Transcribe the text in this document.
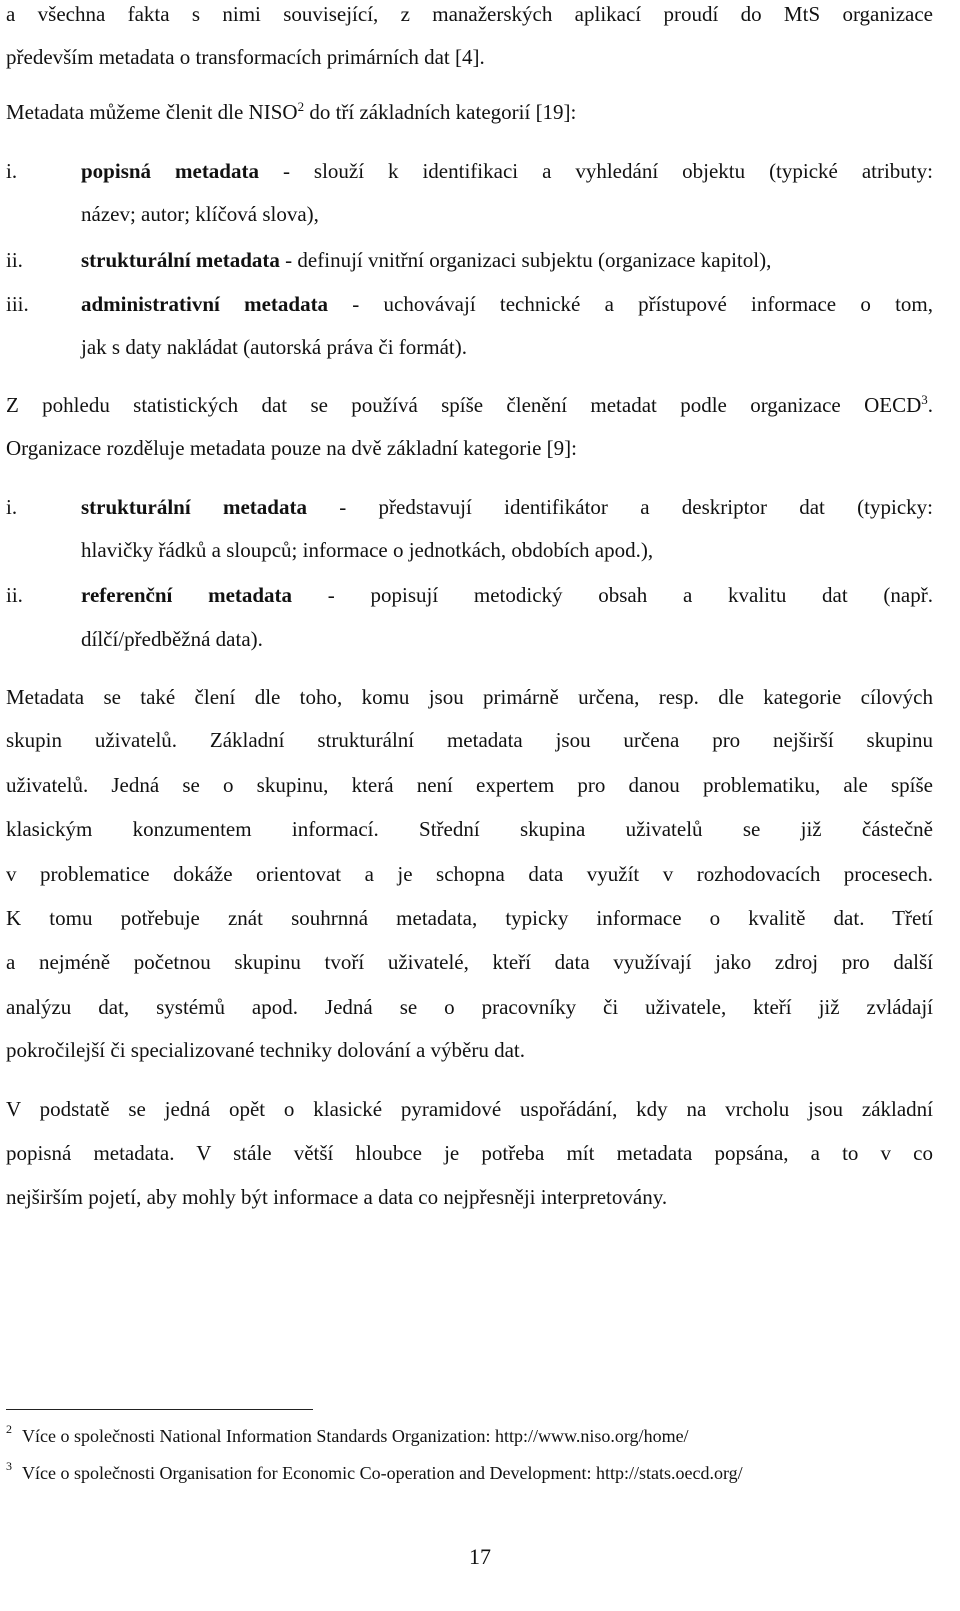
a všechna fakta s nimi související, z manažerských aplikací proudí do MtS organizace
především metadata o transformacích primárních dat [4].
Metadata můžeme členit dle NISO$^2$ do tří základních kategorií [19]:
i.	popisná metadata - slouží k identifikaci a vyhledání objektu (typické atributy:
název; autor; klíčová slova),
ii.	strukturální metadata - definují vnitřní organizaci subjektu (organizace kapitol),
iii. administrativní metadata - uchovávají technické a přístupové informace o tom,
jak s daty nakládat (autorská práva či formát).
Z pohledu statistických dat se používá spíše členění metadat podle organizace OECD$^3$.
Organizace rozděluje metadata pouze na dvě základní kategorie [9]:
i.	strukturální metadata - představují identifikátor a deskriptor dat (typicky:
hlavičky řádků a sloupců; informace o jednotkách, obdobích apod.),
ii.	referenční metadata - popisují metodický obsah a kvalitu dat (např.
dílčí/předběžná data).
Metadata se také člení dle toho, komu jsou primárně určena, resp. dle kategorie cílových
skupin uživatelů. Základní strukturální metadata jsou určena pro nejširší skupinu
uživatelů. Jedná se o skupinu, která není expertem pro danou problematiku, ale spíše
klasickým konzumentem informací. Střední skupina uživatelů se již částečně
v problematice dokáže orientovat a je schopna data využít v rozhodovacích procesech.
K tomu potřebuje znát souhrnná metadata, typicky informace o kvalitě dat. Třetí
a nejméně početnou skupinu tvoří uživatelé, kteří data využívají jako zdroj pro další
analýzu dat, systémů apod. Jedná se o pracovníky či uživatele, kteří již zvládají
pokročilejší či specializované techniky dolování a výběru dat.
V podstatě se jedná opět o klasické pyramidové uspořádání, kdy na vrcholu jsou základní
popisná metadata. V stále větší hloubce je potřeba mít metadata popsána, a to v co
nejširším pojetí, aby mohly být informace a data co nejpřesněji interpretovány.
2 Více o společnosti National Information Standards Organization: http://www.niso.org/home/
3 Více o společnosti Organisation for Economic Co-operation and Development: http://stats.oecd.org/
17
